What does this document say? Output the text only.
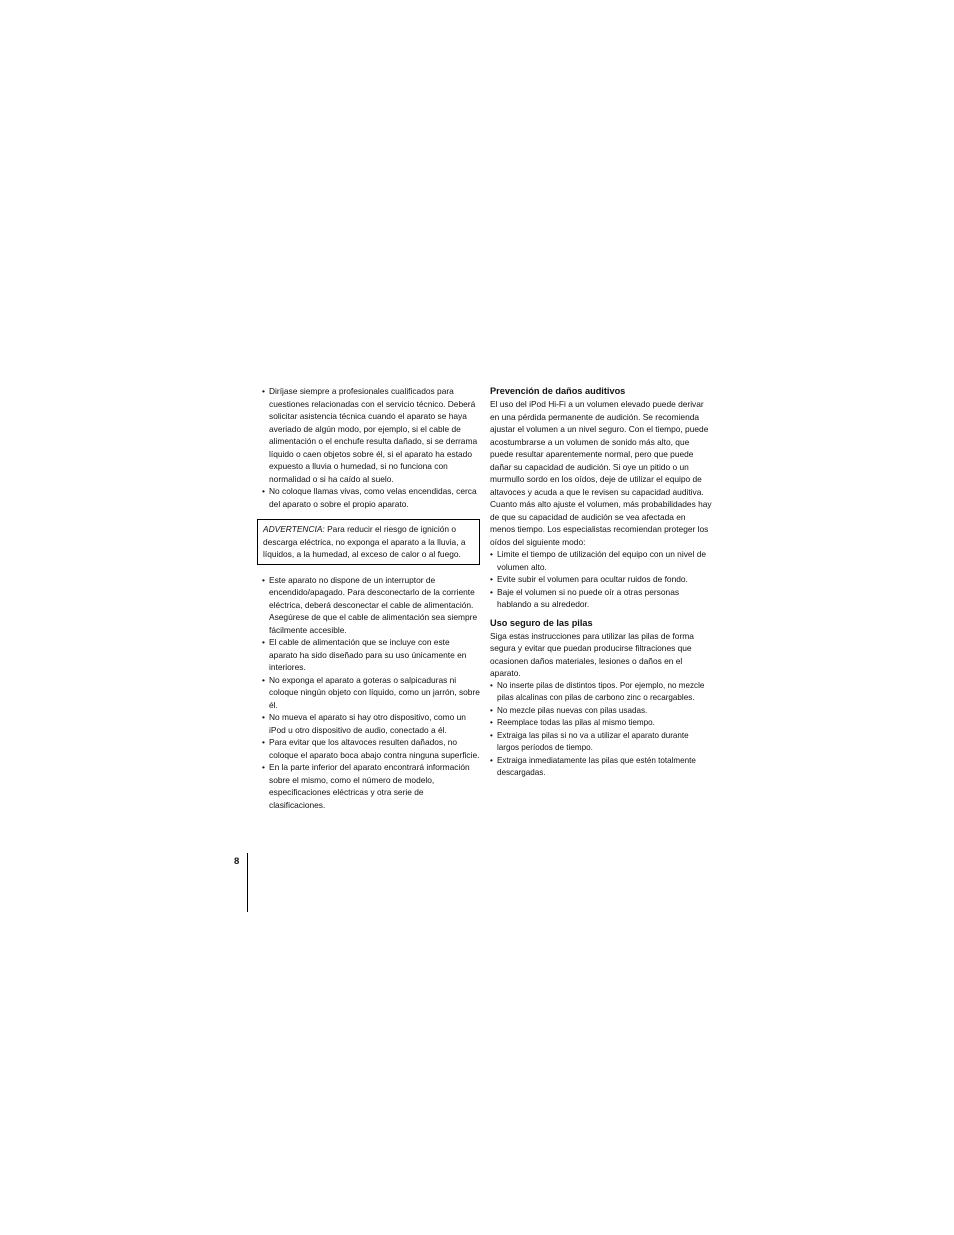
• Diríjase siempre a profesionales cualificados para cuestiones relacionadas con el servicio técnico. Deberá solicitar asistencia técnica cuando el aparato se haya averiado de algún modo, por ejemplo, si el cable de alimentación o el enchufe resulta dañado, si se derrama líquido o caen objetos sobre él, si el aparato ha estado expuesto a lluvia o humedad, si no funciona con normalidad o si ha caído al suelo.
• No coloque llamas vivas, como velas encendidas, cerca del aparato o sobre el propio aparato.
ADVERTENCIA: Para reducir el riesgo de ignición o descarga eléctrica, no exponga el aparato a la lluvia, a líquidos, a la humedad, al exceso de calor o al fuego.
• Este aparato no dispone de un interruptor de encendido/apagado. Para desconectarlo de la corriente eléctrica, deberá desconectar el cable de alimentación. Asegúrese de que el cable de alimentación sea siempre fácilmente accesible.
• El cable de alimentación que se incluye con este aparato ha sido diseñado para su uso únicamente en interiores.
• No exponga el aparato a goteras o salpicaduras ni coloque ningún objeto con líquido, como un jarrón, sobre él.
• No mueva el aparato si hay otro dispositivo, como un iPod u otro dispositivo de audio, conectado a él.
• Para evitar que los altavoces resulten dañados, no coloque el aparato boca abajo contra ninguna superficie.
• En la parte inferior del aparato encontrará información sobre el mismo, como el número de modelo, especificaciones eléctricas y otra serie de clasificaciones.
Prevención de daños auditivos

El uso del iPod Hi-Fi a un volumen elevado puede derivar en una pérdida permanente de audición. Se recomienda ajustar el volumen a un nivel seguro. Con el tiempo, puede acostumbrarse a un volumen de sonido más alto, que puede resultar aparentemente normal, pero que puede dañar su capacidad de audición. Si oye un pitido o un murmullo sordo en los oídos, deje de utilizar el equipo de altavoces y acuda a que le revisen su capacidad auditiva. Cuanto más alto ajuste el volumen, más probabilidades hay de que su capacidad de audición se vea afectada en menos tiempo. Los especialistas recomiendan proteger los oídos del siguiente modo:

• Limite el tiempo de utilización del equipo con un nivel de volumen alto.
• Evite subir el volumen para ocultar ruidos de fondo.
• Baje el volumen si no puede oír a otras personas hablando a su alrededor.
Uso seguro de las pilas

Siga estas instrucciones para utilizar las pilas de forma segura y evitar que puedan producirse filtraciones que ocasionen daños materiales, lesiones o daños en el aparato.

• No inserte pilas de distintos tipos. Por ejemplo, no mezcle pilas alcalinas con pilas de carbono zinc o recargables.
• No mezcle pilas nuevas con pilas usadas.
• Reemplace todas las pilas al mismo tiempo.
• Extraiga las pilas si no va a utilizar el aparato durante largos períodos de tiempo.
• Extraiga inmediatamente las pilas que estén totalmente descargadas.
8
